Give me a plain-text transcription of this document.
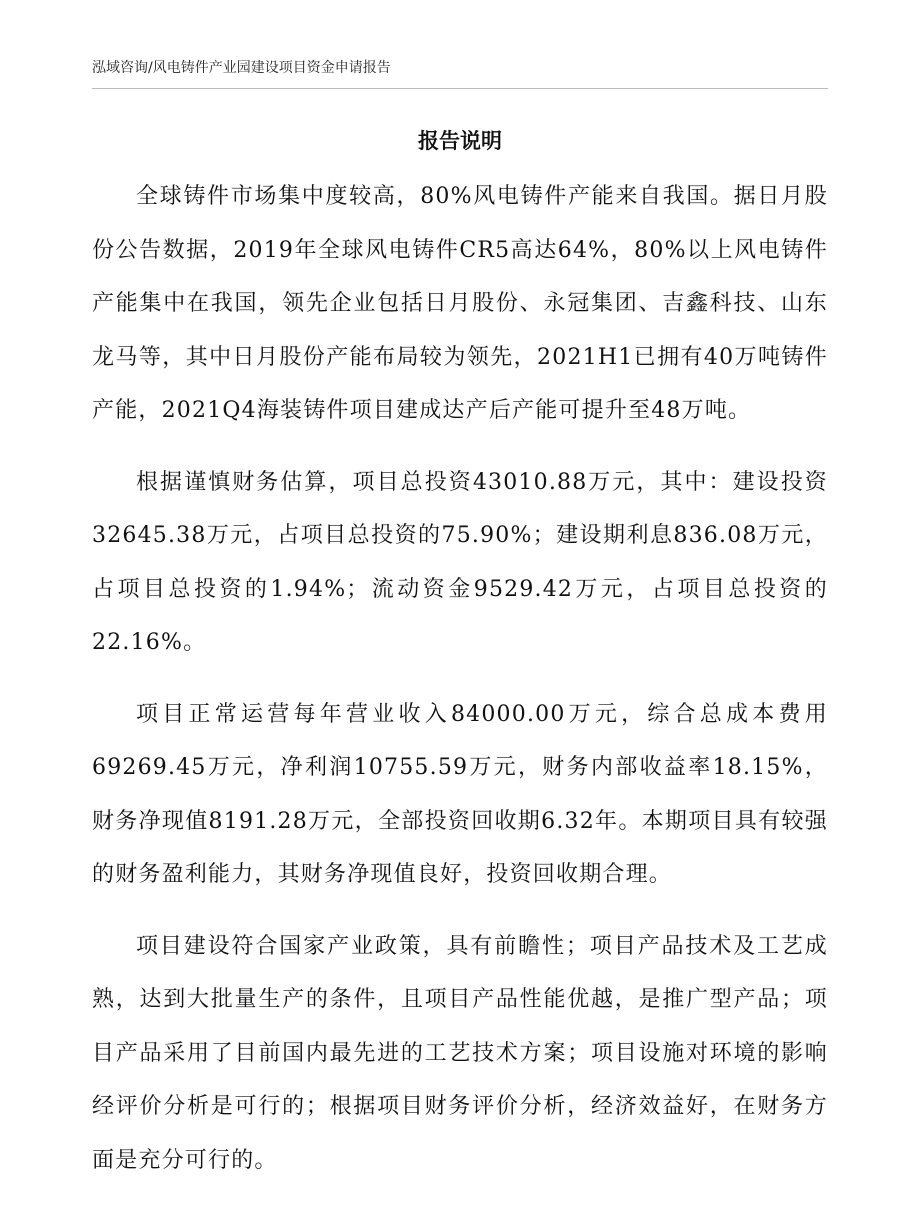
泓域咨询/风电铸件产业园建设项目资金申请报告
报告说明

全球铸件市场集中度较高，80%风电铸件产能来自我国。据日月股份公告数据，2019年全球风电铸件CR5高达64%，80%以上风电铸件产能集中在我国，领先企业包括日月股份、永冠集团、吉鑫科技、山东龙马等，其中日月股份产能布局较为领先，2021H1已拥有40万吨铸件产能，2021Q4海装铸件项目建成达产后产能可提升至48万吨。

根据谨慎财务估算，项目总投资43010.88万元，其中：建设投资32645.38万元，占项目总投资的75.90%；建设期利息836.08万元，占项目总投资的1.94%；流动资金9529.42万元，占项目总投资的22.16%。

项目正常运营每年营业收入84000.00万元，综合总成本费用69269.45万元，净利润10755.59万元，财务内部收益率18.15%，财务净现值8191.28万元，全部投资回收期6.32年。本期项目具有较强的财务盈利能力，其财务净现值良好，投资回收期合理。

项目建设符合国家产业政策，具有前瞻性；项目产品技术及工艺成熟，达到大批量生产的条件，且项目产品性能优越，是推广型产品；项目产品采用了目前国内最先进的工艺技术方案；项目设施对环境的影响经评价分析是可行的；根据项目财务评价分析，经济效益好，在财务方面是充分可行的。
